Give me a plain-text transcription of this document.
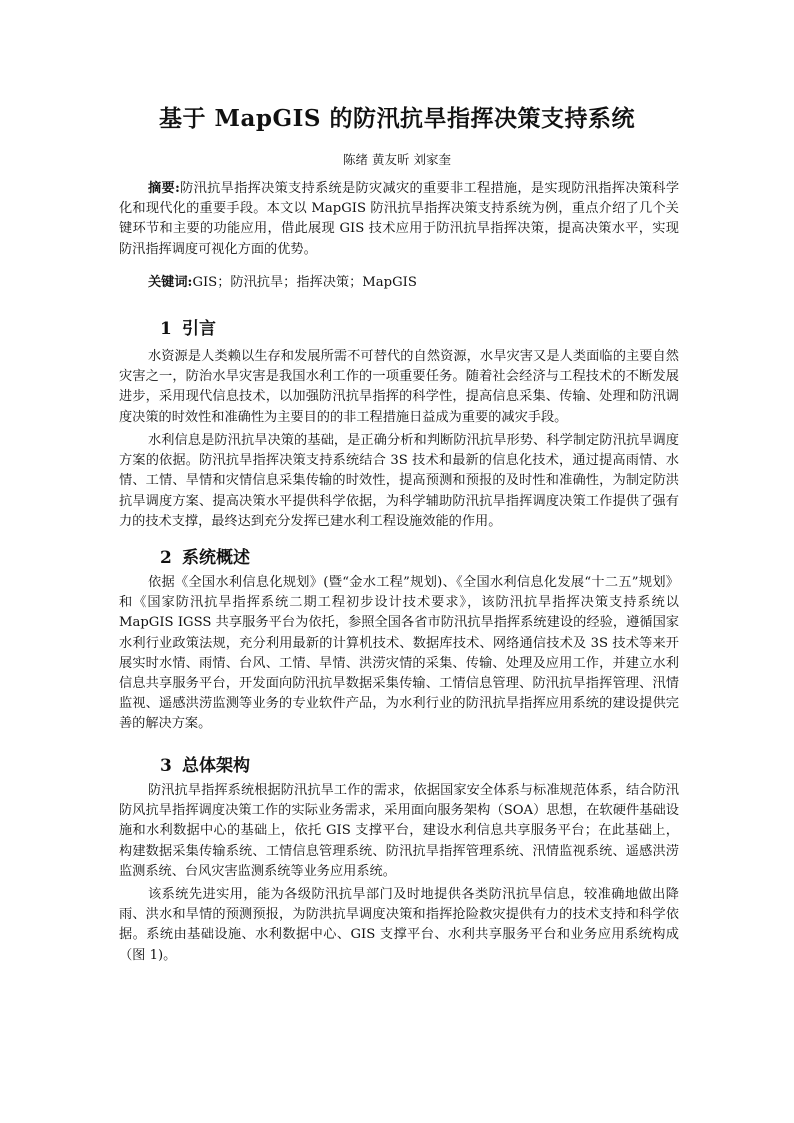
基于 MapGIS 的防汛抗旱指挥决策支持系统
陈绪 黄友昕 刘家奎
摘要:防汛抗旱指挥决策支持系统是防灾减灾的重要非工程措施，是实现防汛指挥决策科学化和现代化的重要手段。本文以 MapGIS 防汛抗旱指挥决策支持系统为例，重点介绍了几个关键环节和主要的功能应用，借此展现 GIS 技术应用于防汛抗旱指挥决策，提高决策水平，实现防汛指挥调度可视化方面的优势。
关键词:GIS；防汛抗旱；指挥决策；MapGIS
1 引言
水资源是人类赖以生存和发展所需不可替代的自然资源，水旱灾害又是人类面临的主要自然灾害之一，防治水旱灾害是我国水利工作的一项重要任务。随着社会经济与工程技术的不断发展进步，采用现代信息技术，以加强防汛抗旱指挥的科学性，提高信息采集、传输、处理和防汛调度决策的时效性和准确性为主要目的的非工程措施日益成为重要的减灾手段。
水利信息是防汛抗旱决策的基础，是正确分析和判断防汛抗旱形势、科学制定防汛抗旱调度方案的依据。防汛抗旱指挥决策支持系统结合 3S 技术和最新的信息化技术，通过提高雨情、水情、工情、旱情和灾情信息采集传输的时效性，提高预测和预报的及时性和准确性，为制定防洪抗旱调度方案、提高决策水平提供科学依据，为科学辅助防汛抗旱指挥调度决策工作提供了强有力的技术支撑，最终达到充分发挥已建水利工程设施效能的作用。
2 系统概述
依据《全国水利信息化规划》(暨“金水工程”规划)、《全国水利信息化发展“十二五”规划》和《国家防汛抗旱指挥系统二期工程初步设计技术要求》，该防汛抗旱指挥决策支持系统以 MapGIS IGSS 共享服务平台为依托，参照全国各省市防汛抗旱指挥系统建设的经验，遵循国家水利行业政策法规，充分利用最新的计算机技术、数据库技术、网络通信技术及 3S 技术等来开展实时水情、雨情、台风、工情、旱情、洪涝灾情的采集、传输、处理及应用工作，并建立水利信息共享服务平台，开发面向防汛抗旱数据采集传输、工情信息管理、防汛抗旱指挥管理、汛情监视、遥感洪涝监测等业务的专业软件产品，为水利行业的防汛抗旱指挥应用系统的建设提供完善的解决方案。
3 总体架构
防汛抗旱指挥系统根据防汛抗旱工作的需求，依据国家安全体系与标准规范体系，结合防汛防风抗旱指挥调度决策工作的实际业务需求，采用面向服务架构（SOA）思想，在软硬件基础设施和水利数据中心的基础上，依托 GIS 支撑平台，建设水利信息共享服务平台；在此基础上，构建数据采集传输系统、工情信息管理系统、防汛抗旱指挥管理系统、汛情监视系统、遥感洪涝监测系统、台风灾害监测系统等业务应用系统。
该系统先进实用，能为各级防汛抗旱部门及时地提供各类防汛抗旱信息，较准确地做出降雨、洪水和旱情的预测预报，为防洪抗旱调度决策和指挥抢险救灾提供有力的技术支持和科学依据。系统由基础设施、水利数据中心、GIS 支撑平台、水利共享服务平台和业务应用系统构成（图 1)。
